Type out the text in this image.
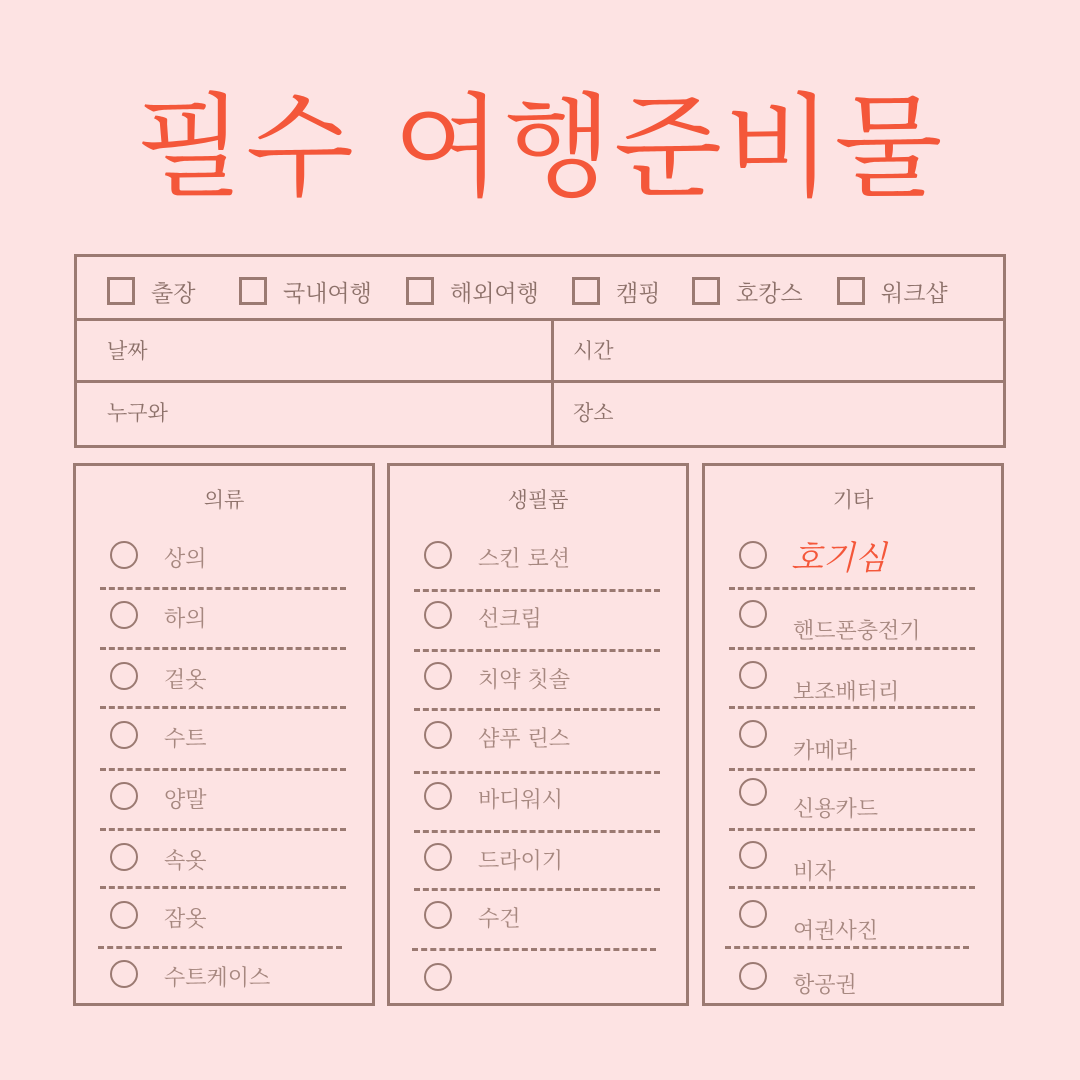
필수 여행준비물
출장	국내여행	해외여행	캠핑	호캉스	워크샵
날짜	시간
누구와	장소
의류
상의
하의
겉옷
수트
양말
속옷
잠옷
수트케이스
생필품
스킨 로션
선크림
치약 칫솔
샴푸 린스
바디워시
드라이기
수건
기타
호기심
핸드폰충전기
보조배터리
카메라
신용카드
비자
여권사진
항공권
